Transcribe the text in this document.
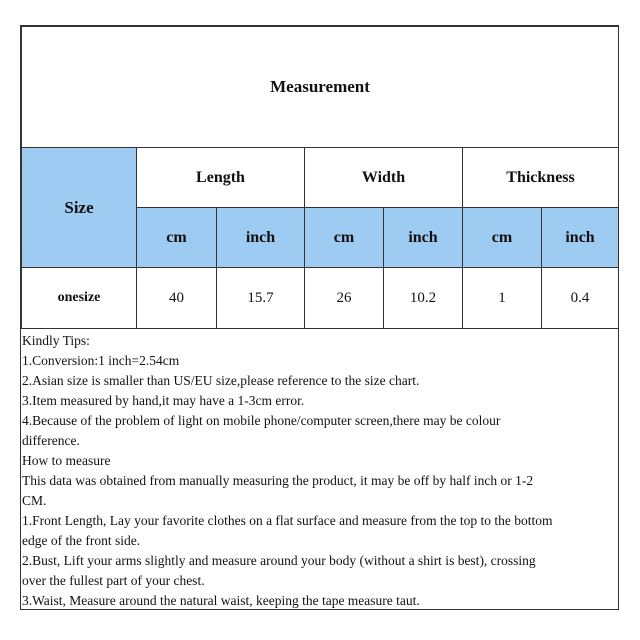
Measurement						
Size	Length		Width		Thickness	
	cm	inch	cm	inch	cm	inch
onesize	40	15.7	26	10.2	1	0.4
Kindly Tips:
1.Conversion:1 inch=2.54cm
2.Asian size is smaller than US/EU size,please reference to the size chart.
3.Item measured by hand,it may have a 1-3cm error.
4.Because of the problem of light on mobile phone/computer screen,there may be colour
difference.
How to measure
This data was obtained from manually measuring the product, it may be off by half inch or 1-2
CM.
1.Front Length, Lay your favorite clothes on a flat surface and measure from the top to the bottom
edge of the front side.
2.Bust, Lift your arms slightly and measure around your body (without a shirt is best), crossing
over the fullest part of your chest.
3.Waist, Measure around the natural waist, keeping the tape measure taut.
